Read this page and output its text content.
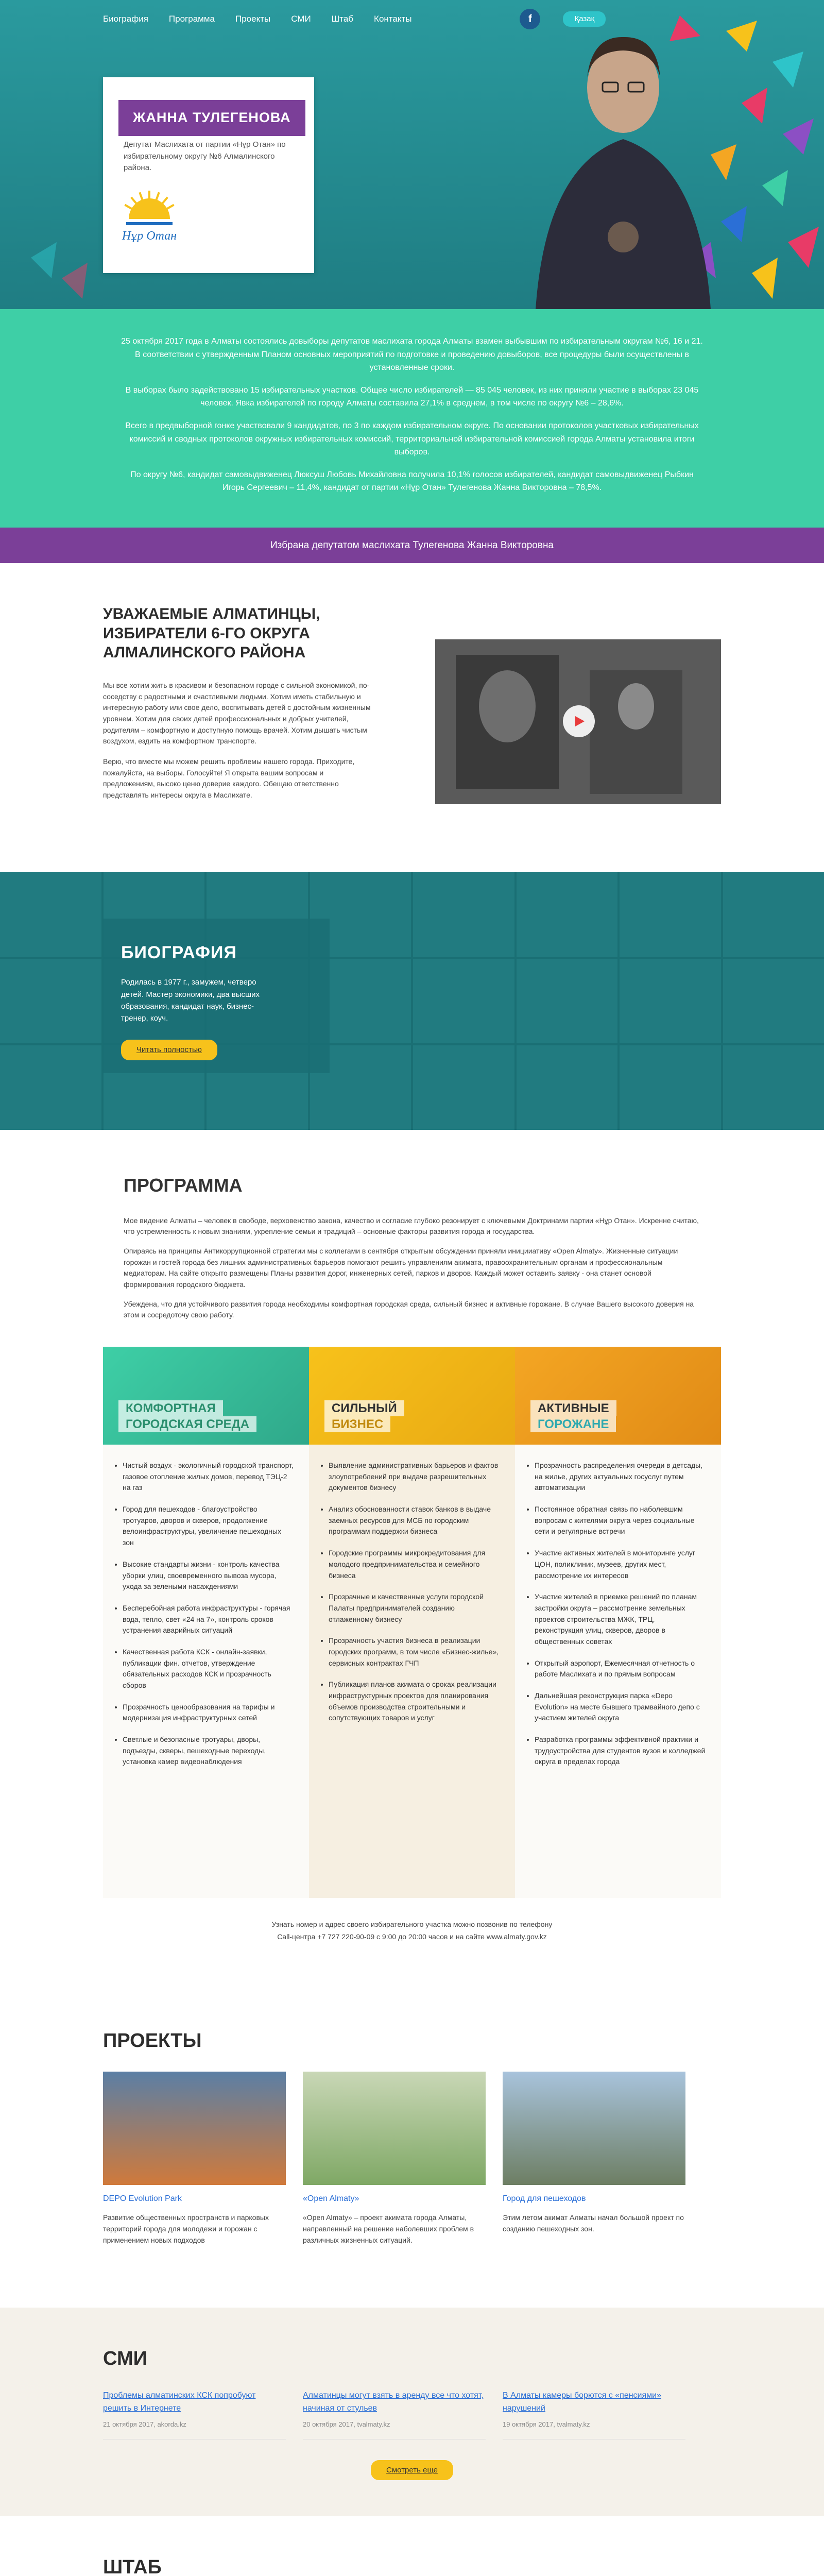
Биография Программа Проекты СМИ Штаб Контакты	f	Қазақ
ЖАННА ТУЛЕГЕНОВА
Депутат Маслихата от партии «Нұр Отан» по избирательному округу №6 Алмалинского района.
Нұр Отан

25 октября 2017 года в Алматы состоялись довыборы депутатов маслихата города Алматы взамен выбывшим по избирательным округам №6, 16 и 21. В соответствии с утвержденным Планом основных мероприятий по подготовке и проведению довыборов, все процедуры были осуществлены в установленные сроки.

В выборах было задействовано 15 избирательных участков. Общее число избирателей — 85 045 человек, из них приняли участие в выборах 23 045 человек. Явка избирателей по городу Алматы составила 27,1% в среднем, в том числе по округу №6 – 28,6%.

Всего в предвыборной гонке участвовали 9 кандидатов, по 3 по каждом избирательном округе. По основании протоколов участковых избирательных комиссий и сводных протоколов окружных избирательных комиссий, территориальной избирательной комиссией города Алматы установила итоги выборов.

По округу №6, кандидат самовыдвиженец Люксуш Любовь Михайловна получила 10,1% голосов избирателей, кандидат самовыдвиженец Рыбкин Игорь Сергеевич – 11,4%, кандидат от партии «Нұр Отан» Тулегенова Жанна Викторовна – 78,5%.

Избрана депутатом маслихата Тулегенова Жанна Викторовна
УВАЖАЕМЫЕ АЛМАТИНЦЫ, ИЗБИРАТЕЛИ 6-ГО ОКРУГА АЛМАЛИНСКОГО РАЙОНА

Мы все хотим жить в красивом и безопасном городе с сильной экономикой, по-соседству с радостными и счастливыми людьми. Хотим иметь стабильную и интересную работу или свое дело, воспитывать детей с достойным жизненным уровнем. Хотим для своих детей профессиональных и добрых учителей, родителям – комфортную и доступную помощь врачей. Хотим дышать чистым воздухом, ездить на комфортном транспорте.

Верю, что вместе мы можем решить проблемы нашего города. Приходите, пожалуйста, на выборы. Голосуйте! Я открыта вашим вопросам и предложениям, высоко ценю доверие каждого. Обещаю ответственно представлять интересы округа в Маслихате.

БИОГРАФИЯ

Родилась в 1977 г., замужем, четверо детей. Мастер экономики, два высших образования, кандидат наук, бизнес-тренер, коуч.

Читать полностью
ПРОГРАММА

Мое видение Алматы – человек в свободе, верховенство закона, качество и согласие глубоко резонирует с ключевыми Доктринами партии «Нұр Отан». Искренне считаю, что устремленность к новым знаниям, укрепление семьи и традиций – основные факторы развития города и государства.

Опираясь на принципы Антикоррупционной стратегии мы с коллегами в сентября открытым обсуждении приняли иницииативу «Open Almaty». Жизненные ситуации горожан и гостей города без лишних административных барьеров помогают решить управлениям акимата, правоохранительным органам и профессиональным медиаторам. На сайте открыто размещены Планы развития дорог, инженерных сетей, парков и дворов. Каждый может оставить заявку - она станет основой формирования городского бюджета.

Убеждена, что для устойчивого развития города необходимы комфортная городская среда, сильный бизнес и активные горожане. В случае Вашего высокого доверия на этом и сосредоточу свою работу.

КОМФОРТНАЯ
ГОРОДСКАЯ СРЕДА
• Чистый воздух - экологичный городской транспорт, газовое отопление жилых домов, перевод ТЭЦ-2 на газ
• Город для пешеходов - благоустройство тротуаров, дворов и скверов, продолжение велоинфраструктуры, увеличение пешеходных зон
• Высокие стандарты жизни - контроль качества уборки улиц, своевременного вывоза мусора, ухода за зелеными насаждениями
• Бесперебойная работа инфраструктуры - горячая вода, тепло, свет «24 на 7», контроль сроков устранения аварийных ситуаций
• Качественная работа КСК - онлайн-заявки, публикации фин. отчетов, утверждение обязательных расходов КСК и прозрачность сборов
• Прозрачность ценообразования на тарифы и модернизация инфраструктурных сетей
• Светлые и безопасные тротуары, дворы, подъезды, скверы, пешеходные переходы, установка камер видеонаблюдения
СИЛЬНЫЙ
БИЗНЕС
• Выявление административных барьеров и фактов злоупотреблений при выдаче разрешительных документов бизнесу
• Анализ обоснованности ставок банков в выдаче заемных ресурсов для МСБ по городским программам поддержки бизнеса
• Городские программы микрокредитования для молодого предпринимательства и семейного бизнеса
• Прозрачные и качественные услуги городской Палаты предпринимателей созданию отлаженному бизнесу
• Прозрачность участия бизнеса в реализации городских программ, в том числе «Бизнес-жилье», сервисных контрактах ГЧП
• Публикация планов акимата о сроках реализации инфраструктурных проектов для планирования объемов производства строительными и сопутствующих товаров и услуг
АКТИВНЫЕ
ГОРОЖАНЕ
• Прозрачность распределения очереди в детсады, на жилье, других актуальных госуслуг путем автоматизации
• Постоянное обратная связь по наболевшим вопросам с жителями округа через социальные сети и регулярные встречи
• Участие активных жителей в мониторинге услуг ЦОН, поликлиник, музеев, других мест, рассмотрение их интересов
• Участие жителей в приемке решений по планам застройки округа – рассмотрение земельных проектов строительства МЖК, ТРЦ, реконструкция улиц, скверов, дворов в общественных советах
• Открытый аэропорт, Ежемесячная отчетность о работе Маслихата и по прямым вопросам
• Дальнейшая реконструкция парка «Depo Evolution» на месте бывшего трамвайного депо с участием жителей округа
• Разработка программы эффективной практики и трудоустройства для студентов вузов и колледжей округа в пределах города
Узнать номер и адрес своего избирательного участка можно позвонив по телефону
Call-центра +7 727 220-90-09 с 9:00 до 20:00 часов и на сайте www.almaty.gov.kz
ПРОЕКТЫ
DEPO Evolution Park

Развитие общественных пространств и парковых территорий города для молодежи и горожан с применением новых подходов

«Open Almaty»

«Open Almaty» – проект акимата города Алматы, направленный на решение наболевших проблем в различных жизненных ситуаций.

Город для пешеходов

Этим летом акимат Алматы начал большой проект по созданию пешеходных зон.

СМИ
Проблемы алматинских КСК попробуют решить в Интернете
21 октября 2017, akorda.kz
Алматинцы могут взять в аренду все что хотят, начиная от стульев
20 октября 2017, tvalmaty.kz
В Алматы камеры борются с «пенсиями» нарушений
19 октября 2017, tvalmaty.kz
Смотреть еще
ШТАБ
